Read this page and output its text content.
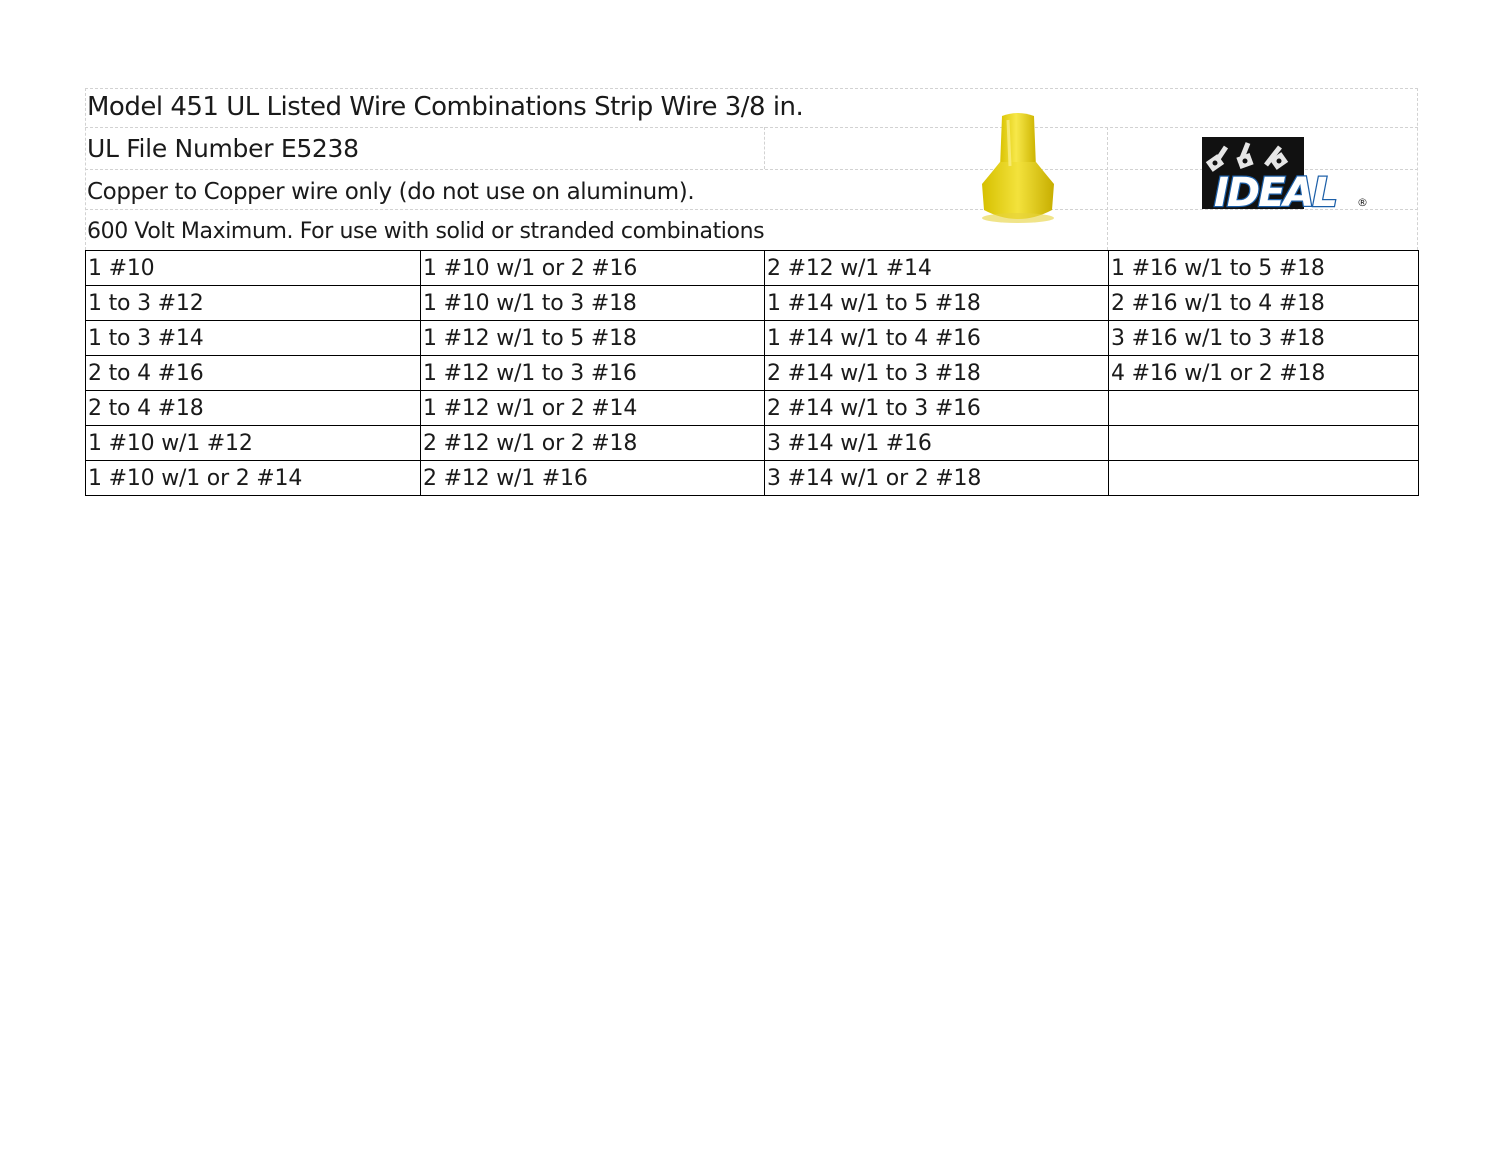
Model 451 UL Listed Wire Combinations Strip Wire 3/8 in.
UL File Number E5238
Copper to Copper wire only (do not use on aluminum).
600 Volt Maximum. For use with solid or stranded combinations
IDEAL ®
1 #10	1 #10 w/1 or 2 #16	2 #12 w/1 #14	1 #16 w/1 to 5 #18
1 to 3 #12	1 #10 w/1 to 3 #18	1 #14 w/1 to 5 #18	2 #16 w/1 to 4 #18
1 to 3 #14	1 #12 w/1 to 5 #18	1 #14 w/1 to 4 #16	3 #16 w/1 to 3 #18
2 to 4 #16	1 #12 w/1 to 3 #16	2 #14 w/1 to 3 #18	4 #16 w/1 or 2 #18
2 to 4 #18	1 #12 w/1 or 2 #14	2 #14 w/1 to 3 #16	
1 #10 w/1 #12	2 #12 w/1 or 2 #18	3 #14 w/1 #16	
1 #10 w/1 or 2 #14	2 #12 w/1 #16	3 #14 w/1 or 2 #18	
